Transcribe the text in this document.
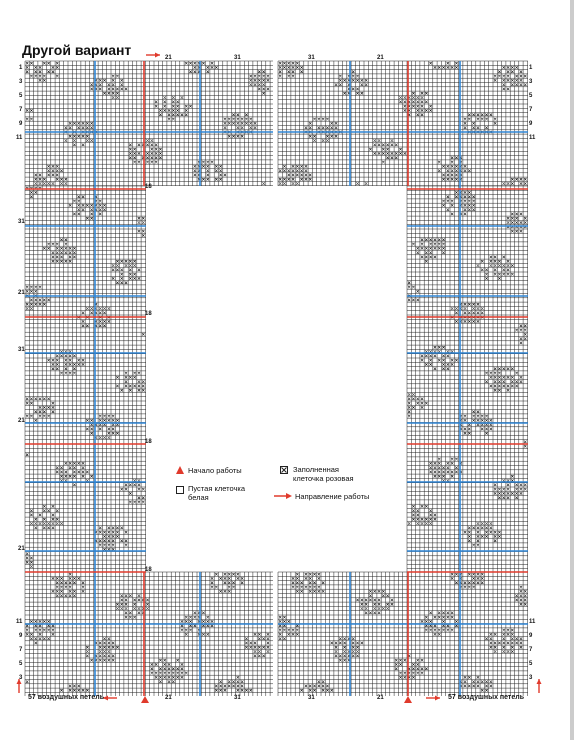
Другой вариант
Начало работы
Пустая клеточка белая
Заполненная клеточка розовая
Направление работы
57 воздушных петель	57 воздушных петель
1
3
5
7
9
11
1
3
5
7
9
11
11
9
7
5
3
11
9
7
5
3
21	31	21
31
21	31	21
31
18
31
21
18
31
21
18
21
18
